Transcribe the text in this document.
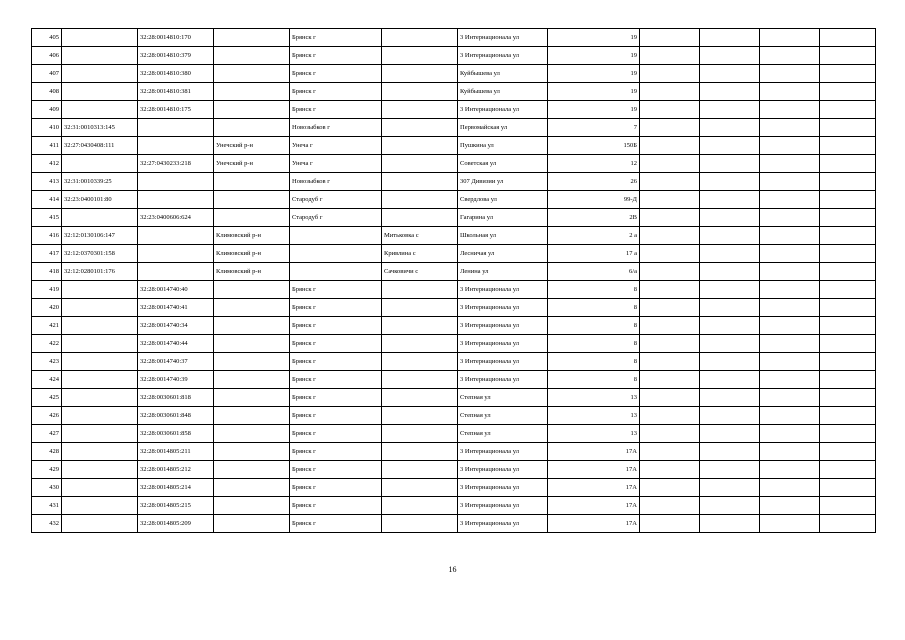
405		32:28:0014810:170		Брянск г		3 Интернационала ул	19				
406		32:28:0014810:379		Брянск г		3 Интернационала ул	19				
407		32:28:0014810:380		Брянск г		Куйбышева ул	19				
408		32:28:0014810:381		Брянск г		Куйбышева ул	19				
409		32:28:0014810:175		Брянск г		3 Интернационала ул	19				
410	32:31:0010313:145			Новозыбков г		Первомайская ул	7				
411	32:27:0430408:111		Унечский р-н	Унеча г		Пушкина ул	150Б				
412		32:27:0430233:218	Унечский р-н	Унеча г		Советская ул	12				
413	32:31:0010339:25			Новозыбков г		307 Дивизии ул	26				
414	32:23:0400101:80			Стародуб г		Свердлова ул	99-Д				
415		32:23:0400606:624		Стародуб г		Гагарина ул	2В				
416	32:12:0130106:147		Климовский р-н		Митьковка с	Школьная ул	2 а				
417	32:12:0370301:158		Климовский р-н		Кривлина с	Лесничая ул	17 а				
418	32:12:0280101:176		Климовский р-н		Сачковичи с	Ленина ул	6/а				
419		32:28:0014740:40		Брянск г		3 Интернационала ул	8				
420		32:28:0014740:41		Брянск г		3 Интернационала ул	8				
421		32:28:0014740:34		Брянск г		3 Интернационала ул	8				
422		32:28:0014740:44		Брянск г		3 Интернационала ул	8				
423		32:28:0014740:37		Брянск г		3 Интернационала ул	8				
424		32:28:0014740:39		Брянск г		3 Интернационала ул	8				
425		32:28:0030601:818		Брянск г		Степная ул	13				
426		32:28:0030601:848		Брянск г		Степная ул	13				
427		32:28:0030601:858		Брянск г		Степная ул	13				
428		32:28:0014805:211		Брянск г		3 Интернационала ул	17А				
429		32:28:0014805:212		Брянск г		3 Интернационала ул	17А				
430		32:28:0014805:214		Брянск г		3 Интернационала ул	17А				
431		32:28:0014805:215		Брянск г		3 Интернационала ул	17А				
432		32:28:0014805:209		Брянск г		3 Интернационала ул	17А				
16
